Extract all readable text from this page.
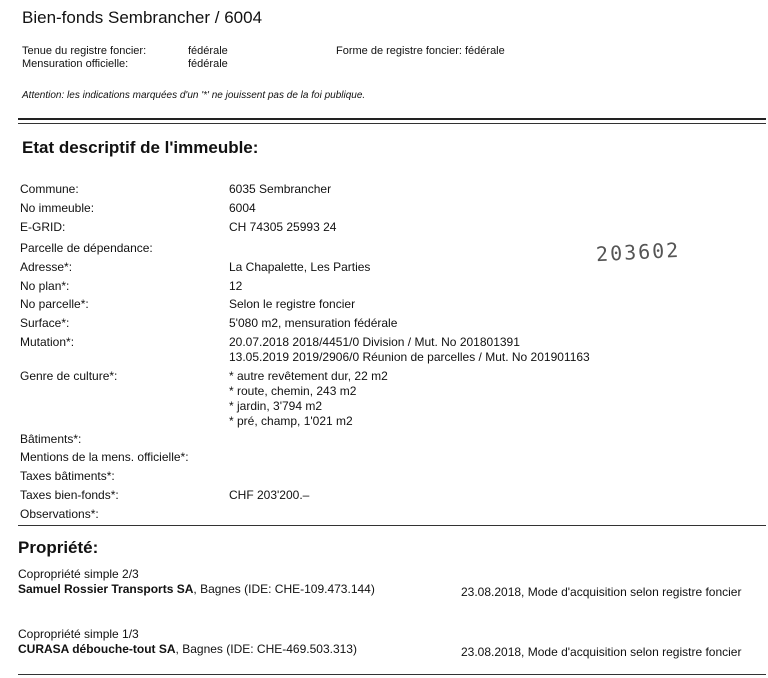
Bien-fonds Sembrancher / 6004
Tenue du registre foncier:	fédérale
Mensuration officielle:	fédérale
Forme de registre foncier: fédérale
Attention: les indications marquées d'un '*' ne jouissent pas de la foi publique.
Etat descriptif de l'immeuble:
203602
Commune:	6035 Sembrancher
No immeuble:	6004
E-GRID:	CH 74305 25993 24
Parcelle de dépendance:
Adresse*:	La Chapalette, Les Parties
No plan*:	12
No parcelle*:	Selon le registre foncier
Surface*:	5'080 m2, mensuration fédérale
Mutation*:	20.07.2018 2018/4451/0 Division / Mut. No 201801391
13.05.2019 2019/2906/0 Réunion de parcelles / Mut. No 201901163
Genre de culture*:	* autre revêtement dur, 22 m2
* route, chemin, 243 m2
* jardin, 3'794 m2
* pré, champ, 1'021 m2
Bâtiments*:
Mentions de la mens. officielle*:
Taxes bâtiments*:
Taxes bien-fonds*:	CHF 203'200.–
Observations*:
Propriété:
Copropriété simple 2/3
Samuel Rossier Transports SA, Bagnes (IDE: CHE-109.473.144)	23.08.2018, Mode d'acquisition selon registre foncier
Copropriété simple 1/3
CURASA débouche-tout SA, Bagnes (IDE: CHE-469.503.313)	23.08.2018, Mode d'acquisition selon registre foncier
